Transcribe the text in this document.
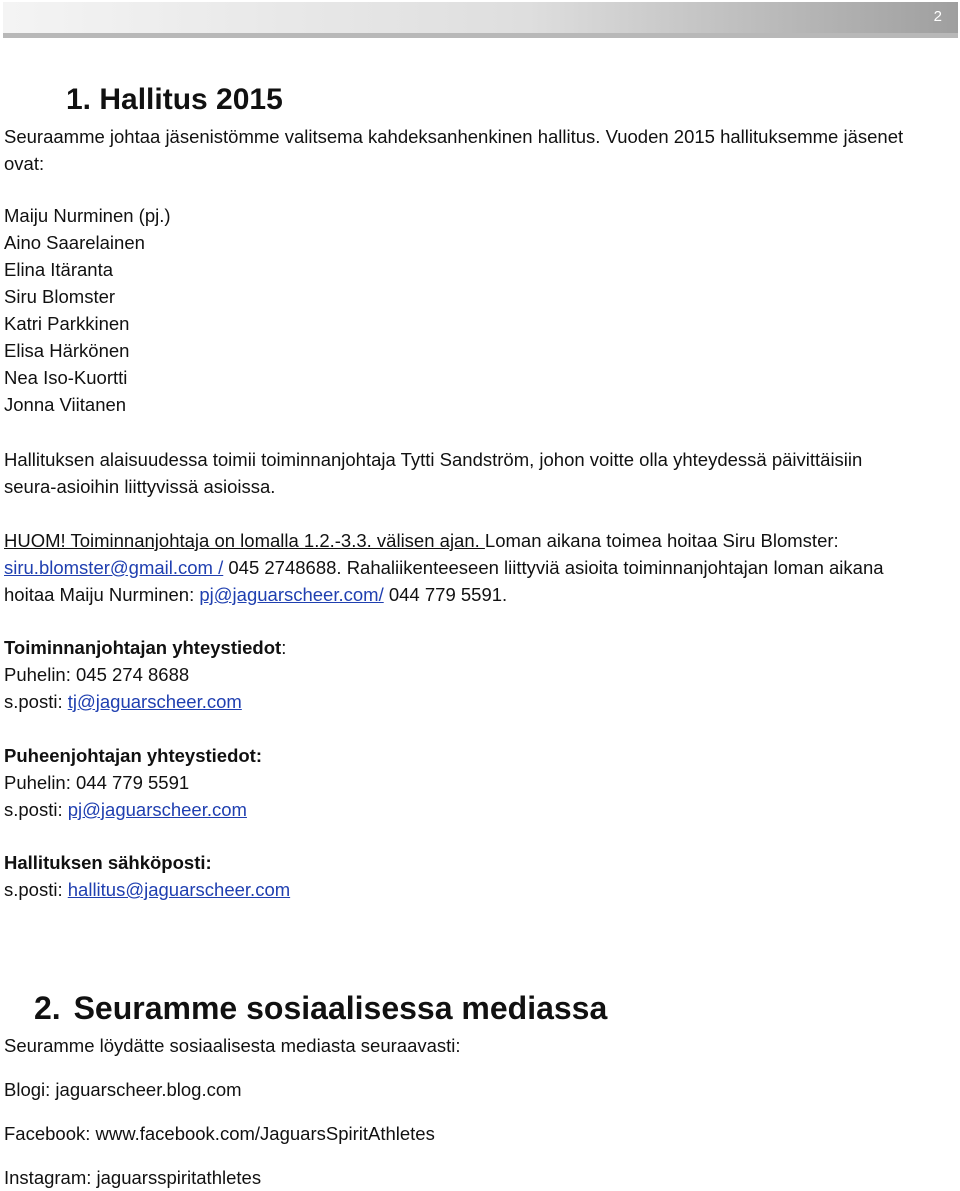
2
1. Hallitus 2015
Seuraamme johtaa jäsenistömme valitsema kahdeksanhenkinen hallitus. Vuoden 2015 hallituksemme jäsenet
ovat:
Maiju Nurminen (pj.)
Aino Saarelainen
Elina Itäranta
Siru Blomster
Katri Parkkinen
Elisa Härkönen
Nea Iso-Kuortti
Jonna Viitanen
Hallituksen alaisuudessa toimii toiminnanjohtaja Tytti Sandström, johon voitte olla yhteydessä päivittäisiin
seura-asioihin liittyvissä asioissa.
HUOM! Toiminnanjohtaja on lomalla 1.2.-3.3. välisen ajan. Loman aikana toimea hoitaa Siru Blomster:
siru.blomster@gmail.com / 045 2748688. Rahaliikenteeseen liittyviä asioita toiminnanjohtajan loman aikana
hoitaa Maiju Nurminen: pj@jaguarscheer.com/ 044 779 5591.
Toiminnanjohtajan yhteystiedot:
Puhelin: 045 274 8688
s.posti: tj@jaguarscheer.com
Puheenjohtajan yhteystiedot:
Puhelin: 044 779 5591
s.posti: pj@jaguarscheer.com
Hallituksen sähköposti:
s.posti: hallitus@jaguarscheer.com
2. Seuramme sosiaalisessa mediassa
Seuramme löydätte sosiaalisesta mediasta seuraavasti:
Blogi: jaguarscheer.blog.com
Facebook: www.facebook.com/JaguarsSpiritAthletes
Instagram: jaguarsspiritathletes
